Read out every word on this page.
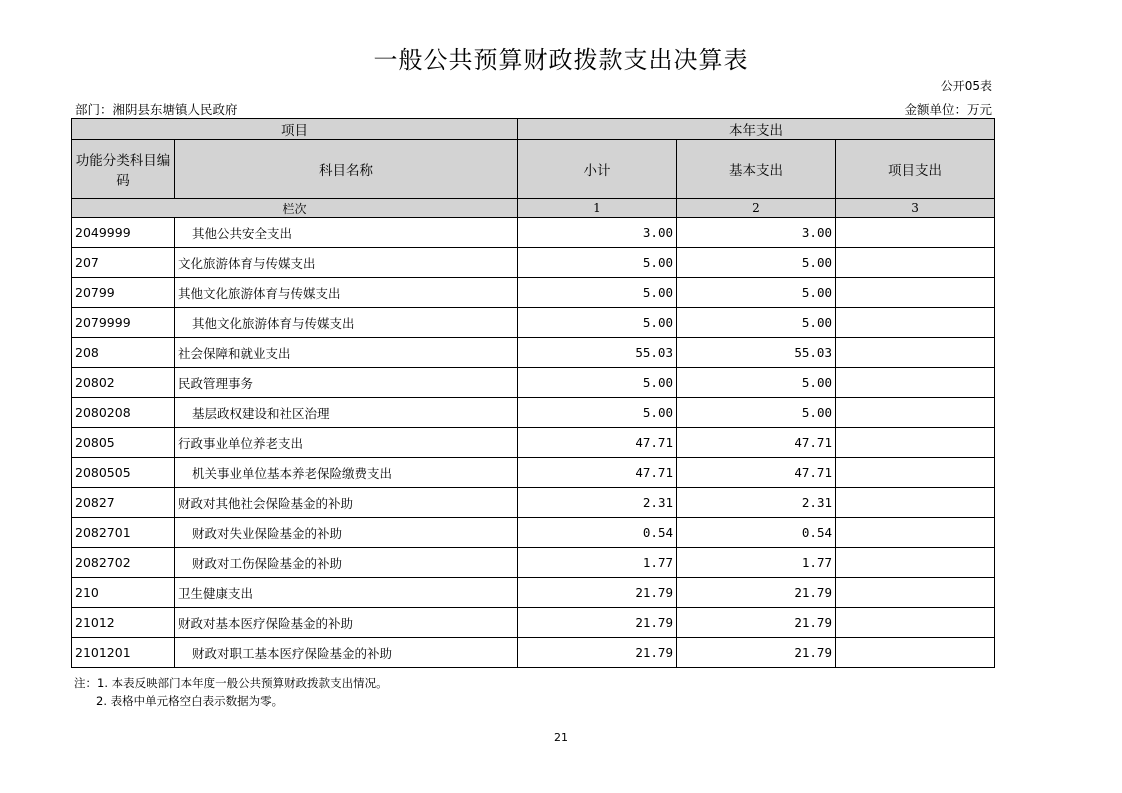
一般公共预算财政拨款支出决算表
公开05表
部门：湘阴县东塘镇人民政府	金额单位：万元
项目		本年支出		
功能分类科目编码	科目名称	小计	基本支出	项目支出
栏次		1	2	3
2049999	其他公共安全支出	3.00	3.00	
207	文化旅游体育与传媒支出	5.00	5.00	
20799	其他文化旅游体育与传媒支出	5.00	5.00	
2079999	其他文化旅游体育与传媒支出	5.00	5.00	
208	社会保障和就业支出	55.03	55.03	
20802	民政管理事务	5.00	5.00	
2080208	基层政权建设和社区治理	5.00	5.00	
20805	行政事业单位养老支出	47.71	47.71	
2080505	机关事业单位基本养老保险缴费支出	47.71	47.71	
20827	财政对其他社会保险基金的补助	2.31	2.31	
2082701	财政对失业保险基金的补助	0.54	0.54	
2082702	财政对工伤保险基金的补助	1.77	1.77	
210	卫生健康支出	21.79	21.79	
21012	财政对基本医疗保险基金的补助	21.79	21.79	
2101201	财政对职工基本医疗保险基金的补助	21.79	21.79	
注：1. 本表反映部门本年度一般公共预算财政拨款支出情况。
2. 表格中单元格空白表示数据为零。
21
